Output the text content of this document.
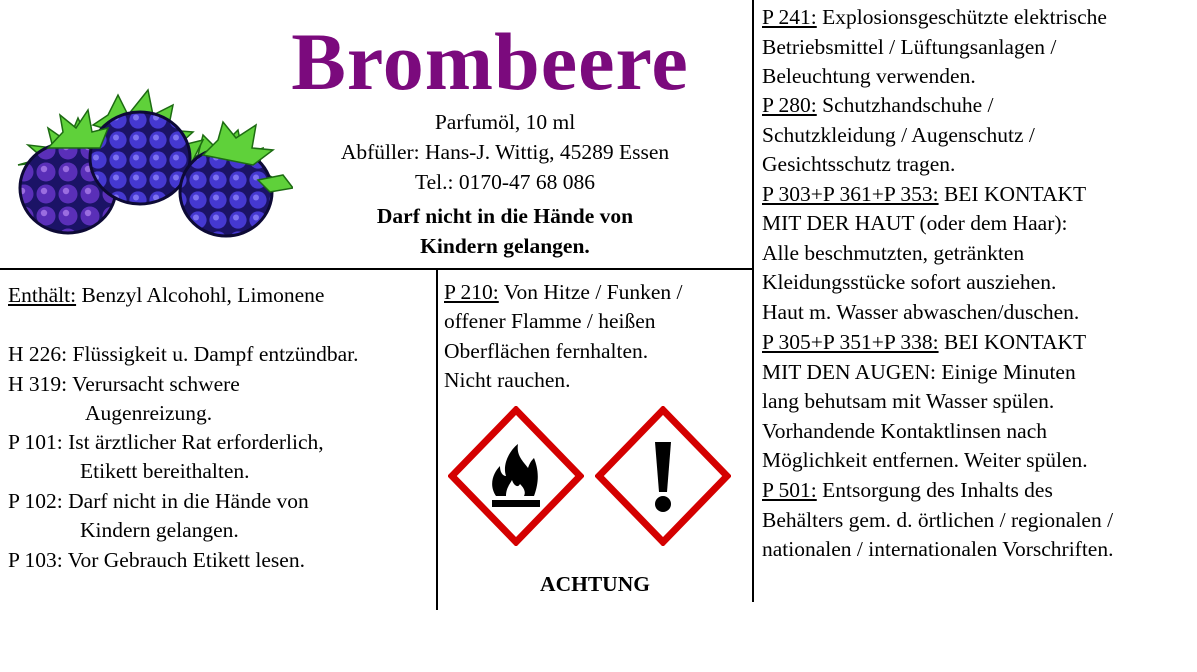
Brombeere
Parfumöl, 10 ml
Abfüller: Hans-J. Wittig, 45289 Essen
Tel.: 0170-47 68 086
Darf nicht in die Hände von
Kindern gelangen.
Enthält: Benzyl Alcohohl, Limonene
H 226: Flüssigkeit u. Dampf entzündbar.
H 319: Verursacht schwere
Augenreizung.
P 101: Ist ärztlicher Rat erforderlich,
Etikett bereithalten.
P 102: Darf nicht in die Hände von
Kindern gelangen.
P 103: Vor Gebrauch Etikett lesen.
P 210: Von Hitze / Funken /
offener Flamme / heißen
Oberflächen fernhalten.
Nicht rauchen.
ACHTUNG
P 241: Explosionsgeschützte elektrische
Betriebsmittel / Lüftungsanlagen /
Beleuchtung verwenden.
P 280: Schutzhandschuhe /
Schutzkleidung / Augenschutz /
Gesichtsschutz tragen.
P 303+P 361+P 353: BEI KONTAKT
MIT DER HAUT (oder dem Haar):
Alle beschmutzten, getränkten
Kleidungsstücke sofort ausziehen.
Haut m. Wasser abwaschen/duschen.
P 305+P 351+P 338: BEI KONTAKT
MIT DEN AUGEN: Einige Minuten
lang behutsam mit Wasser spülen.
Vorhandende Kontaktlinsen nach
Möglichkeit entfernen. Weiter spülen.
P 501: Entsorgung des Inhalts des
Behälters gem. d. örtlichen / regionalen /
nationalen / internationalen Vorschriften.
